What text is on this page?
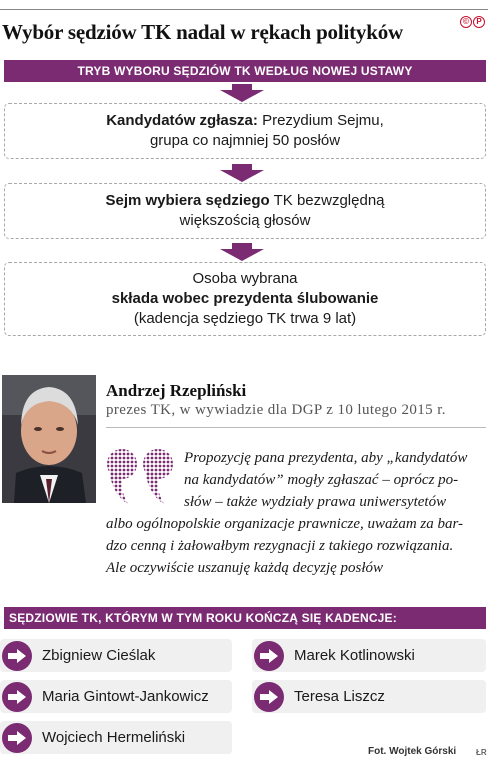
Wybór sędziów TK nadal w rękach polityków	© P
TRYB WYBORU SĘDZIÓW TK WEDŁUG NOWEJ USTAWY
Kandydatów zgłasza: Prezydium Sejmu,
grupa co najmniej 50 posłów
Sejm wybiera sędziego TK bezwzględną
większością głosów
Osoba wybrana
składa wobec prezydenta ślubowanie
(kadencja sędziego TK trwa 9 lat)
Andrzej Rzepliński
prezes TK, w wywiadzie dla DGP z 10 lutego 2015 r.
Propozycję pana prezydenta, aby „kandydatów
na kandydatów” mogły zgłaszać – oprócz po-
słów – także wydziały prawa uniwersytetów
albo ogólnopolskie organizacje prawnicze, uważam za bar-
dzo cenną i żałowałbym rezygnacji z takiego rozwiązania.
Ale oczywiście uszanuję każdą decyzję posłów
SĘDZIOWIE TK, KTÓRYM W TYM ROKU KOŃCZĄ SIĘ KADENCJE:
Zbigniew Cieślak	Marek Kotlinowski
Maria Gintowt-Jankowicz	Teresa Liszcz
Wojciech Hermeliński
Fot. Wojtek Górski ŁR
